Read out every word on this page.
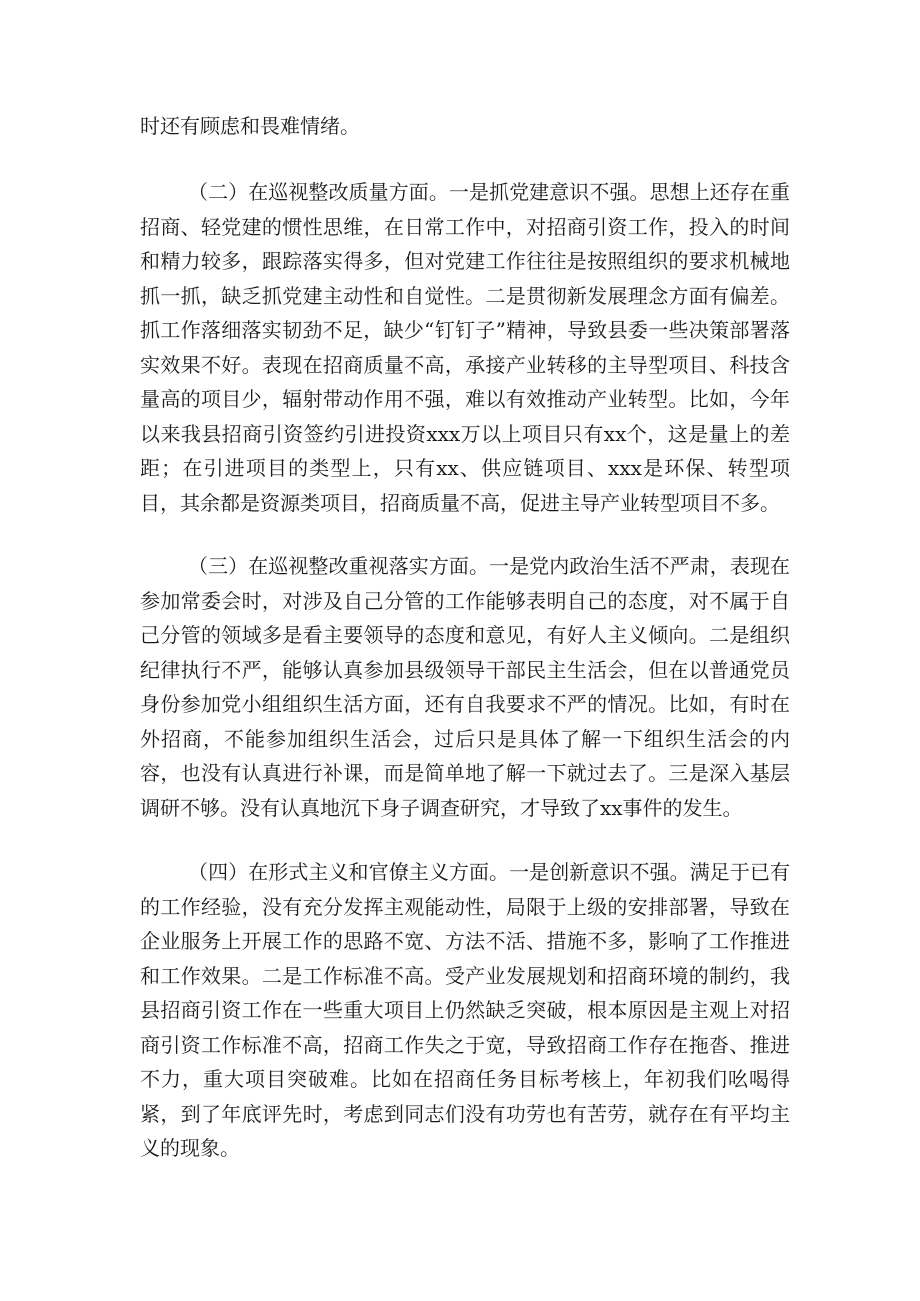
时还有顾虑和畏难情绪。

（二）在巡视整改质量方面。一是抓党建意识不强。思想上还存在重招商、轻党建的惯性思维，在日常工作中，对招商引资工作，投入的时间和精力较多，跟踪落实得多，但对党建工作往往是按照组织的要求机械地抓一抓，缺乏抓党建主动性和自觉性。二是贯彻新发展理念方面有偏差。抓工作落细落实韧劲不足，缺少“钉钉子”精神，导致县委一些决策部署落实效果不好。表现在招商质量不高，承接产业转移的主导型项目、科技含量高的项目少，辐射带动作用不强，难以有效推动产业转型。比如，今年以来我县招商引资签约引进投资xxx万以上项目只有xx个，这是量上的差距；在引进项目的类型上，只有xx、供应链项目、xxx是环保、转型项目，其余都是资源类项目，招商质量不高，促进主导产业转型项目不多。

（三）在巡视整改重视落实方面。一是党内政治生活不严肃，表现在参加常委会时，对涉及自己分管的工作能够表明自己的态度，对不属于自己分管的领域多是看主要领导的态度和意见，有好人主义倾向。二是组织纪律执行不严，能够认真参加县级领导干部民主生活会，但在以普通党员身份参加党小组组织生活方面，还有自我要求不严的情况。比如，有时在外招商，不能参加组织生活会，过后只是具体了解一下组织生活会的内容，也没有认真进行补课，而是简单地了解一下就过去了。三是深入基层调研不够。没有认真地沉下身子调查研究，才导致了xx事件的发生。

（四）在形式主义和官僚主义方面。一是创新意识不强。满足于已有的工作经验，没有充分发挥主观能动性，局限于上级的安排部署，导致在企业服务上开展工作的思路不宽、方法不活、措施不多，影响了工作推进和工作效果。二是工作标准不高。受产业发展规划和招商环境的制约，我县招商引资工作在一些重大项目上仍然缺乏突破，根本原因是主观上对招商引资工作标准不高，招商工作失之于宽，导致招商工作存在拖沓、推进不力，重大项目突破难。比如在招商任务目标考核上，年初我们吆喝得紧，到了年底评先时，考虑到同志们没有功劳也有苦劳，就存在有平均主义的现象。
